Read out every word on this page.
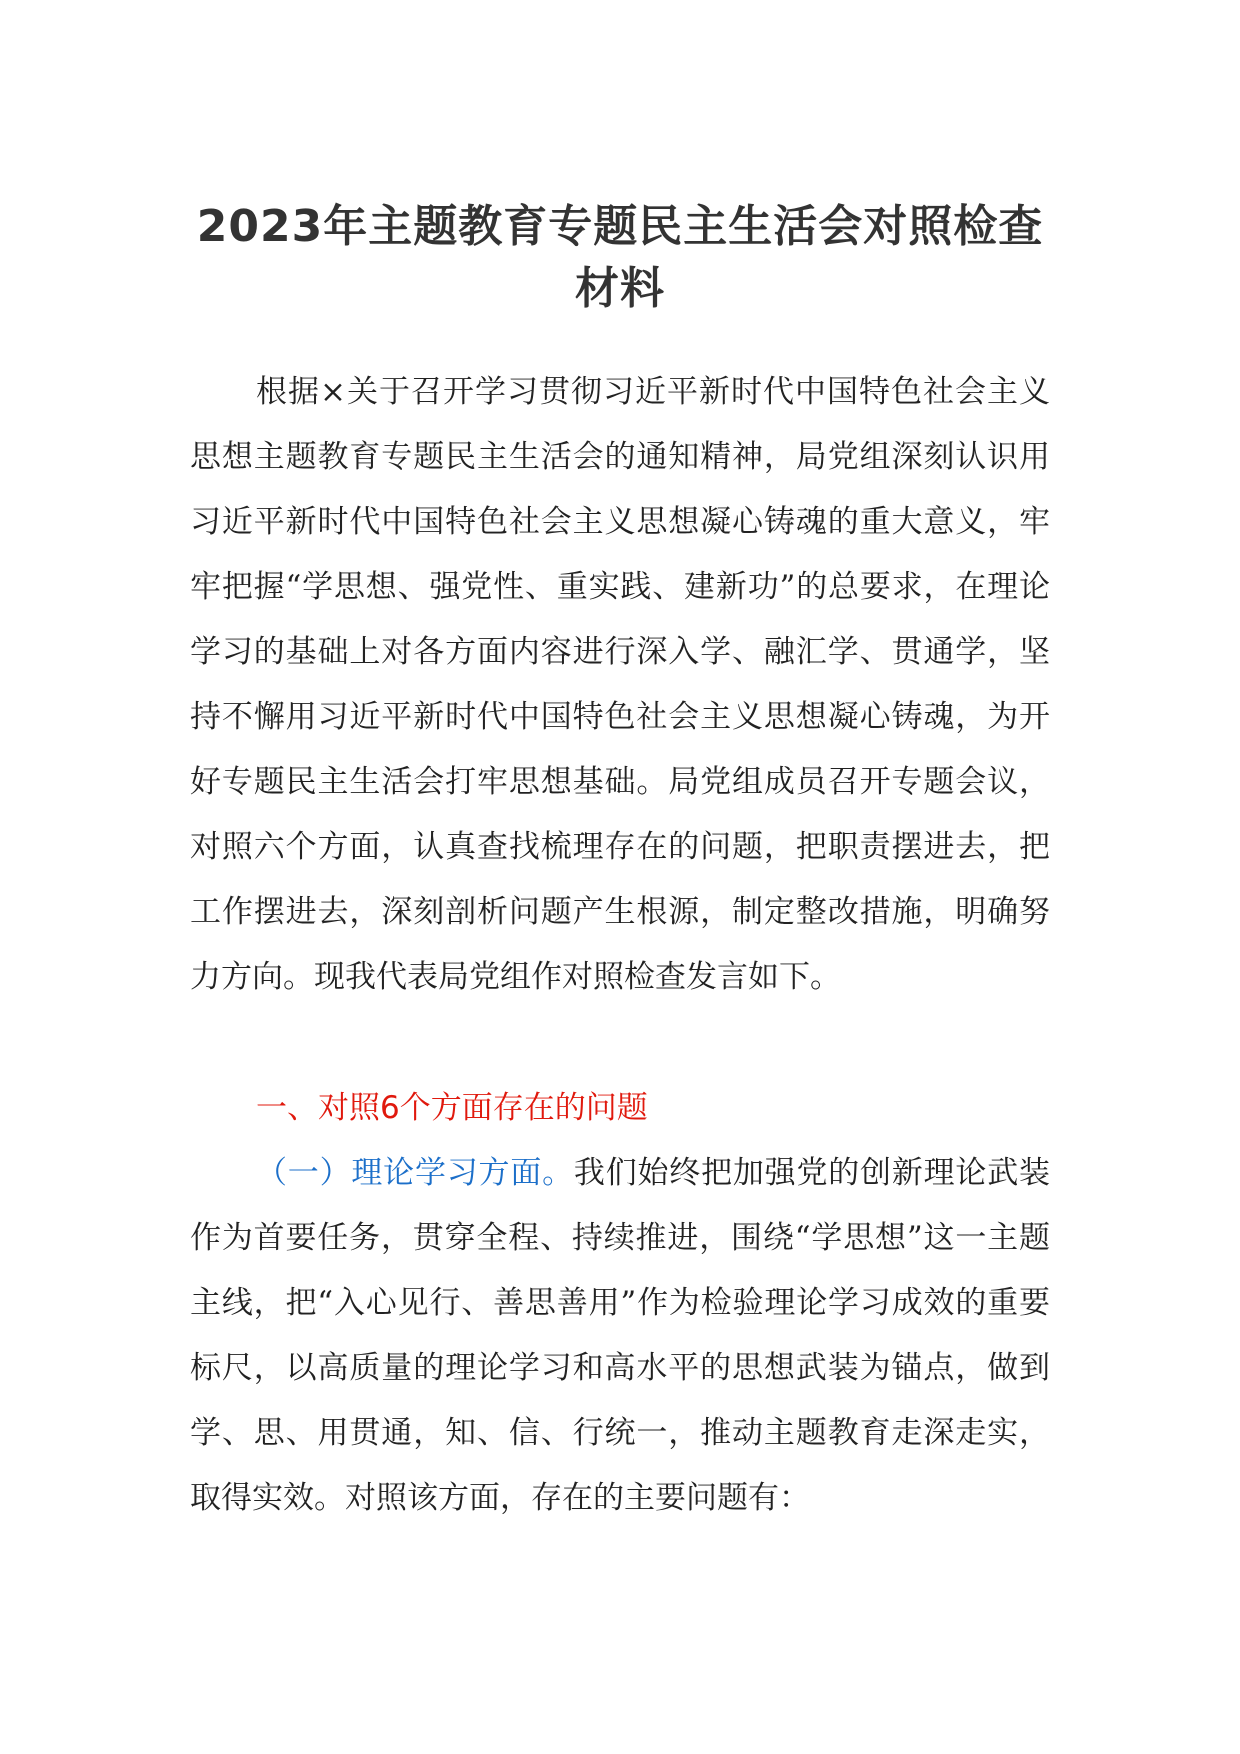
2023年主题教育专题民主生活会对照检查
材料
根据×关于召开学习贯彻习近平新时代中国特色社会主义思想主题教育专题民主生活会的通知精神，局党组深刻认识用习近平新时代中国特色社会主义思想凝心铸魂的重大意义，牢牢把握“学思想、强党性、重实践、建新功”的总要求，在理论学习的基础上对各方面内容进行深入学、融汇学、贯通学，坚持不懈用习近平新时代中国特色社会主义思想凝心铸魂，为开好专题民主生活会打牢思想基础。局党组成员召开专题会议，对照六个方面，认真查找梳理存在的问题，把职责摆进去，把工作摆进去，深刻剖析问题产生根源，制定整改措施，明确努力方向。现我代表局党组作对照检查发言如下。
一、对照6个方面存在的问题
（一）理论学习方面。我们始终把加强党的创新理论武装作为首要任务，贯穿全程、持续推进，围绕“学思想”这一主题主线，把“入心见行、善思善用”作为检验理论学习成效的重要标尺，以高质量的理论学习和高水平的思想武装为锚点，做到学、思、用贯通，知、信、行统一，推动主题教育走深走实，取得实效。对照该方面，存在的主要问题有：
